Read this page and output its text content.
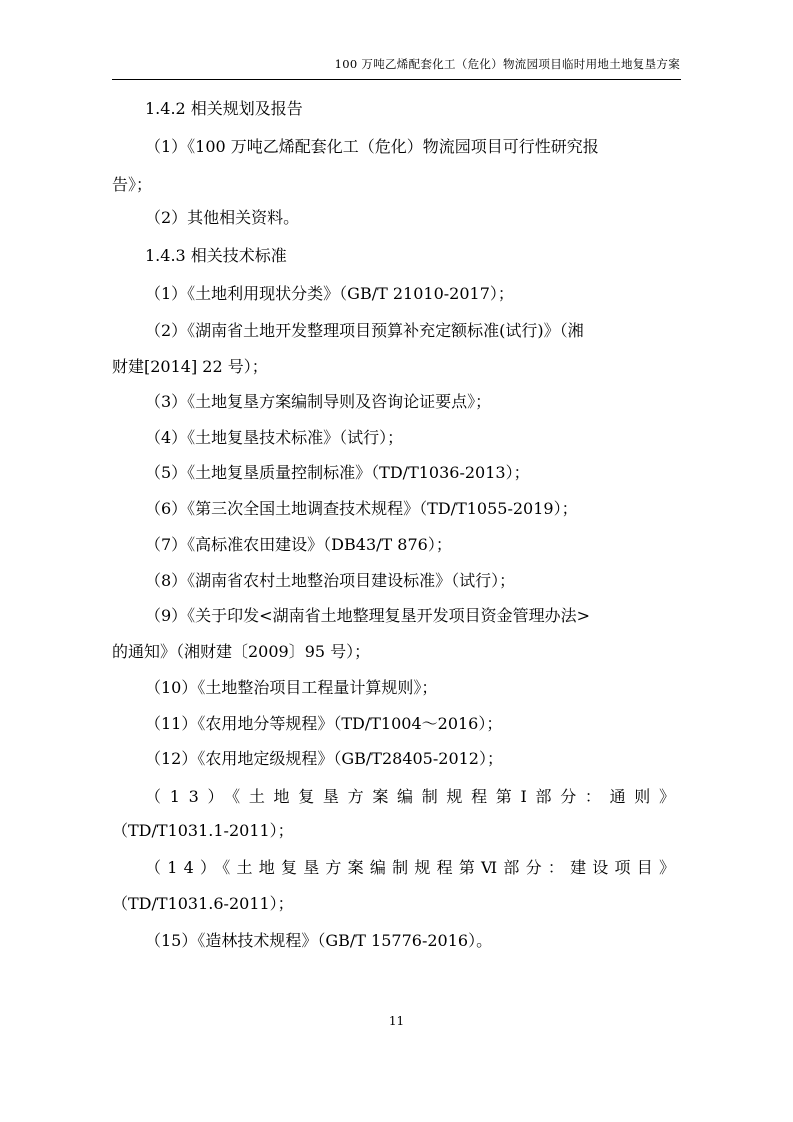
100 万吨乙烯配套化工（危化）物流园项目临时用地土地复垦方案
1.4.2 相关规划及报告
（1）《100 万吨乙烯配套化工（危化）物流园项目可行性研究报
告》；
（2）其他相关资料。
1.4.3 相关技术标准
（1）《土地利用现状分类》（GB/T 21010-2017）；
（2）《湖南省土地开发整理项目预算补充定额标准(试行)》（湘
财建[2014] 22 号）；
（3）《土地复垦方案编制导则及咨询论证要点》；
（4）《土地复垦技术标准》（试行）；
（5）《土地复垦质量控制标准》（TD/T1036-2013）；
（6）《第三次全国土地调查技术规程》（TD/T1055-2019）；
（7）《高标准农田建设》（DB43/T 876）；
（8）《湖南省农村土地整治项目建设标准》（试行）；
（9）《关于印发<湖南省土地整理复垦开发项目资金管理办法>
的通知》（湘财建〔2009〕95 号）；
（10）《土地整治项目工程量计算规则》；
（11）《农用地分等规程》（TD/T1004～2016）；
（12）《农用地定级规程》（GB/T28405-2012）；
（13）《土地复垦方案编制规程第Ⅰ部分：通则》
（TD/T1031.1-2011）；
（14）《土地复垦方案编制规程第Ⅵ部分：建设项目》
（TD/T1031.6-2011）；
（15）《造林技术规程》（GB/T 15776-2016）。
11
